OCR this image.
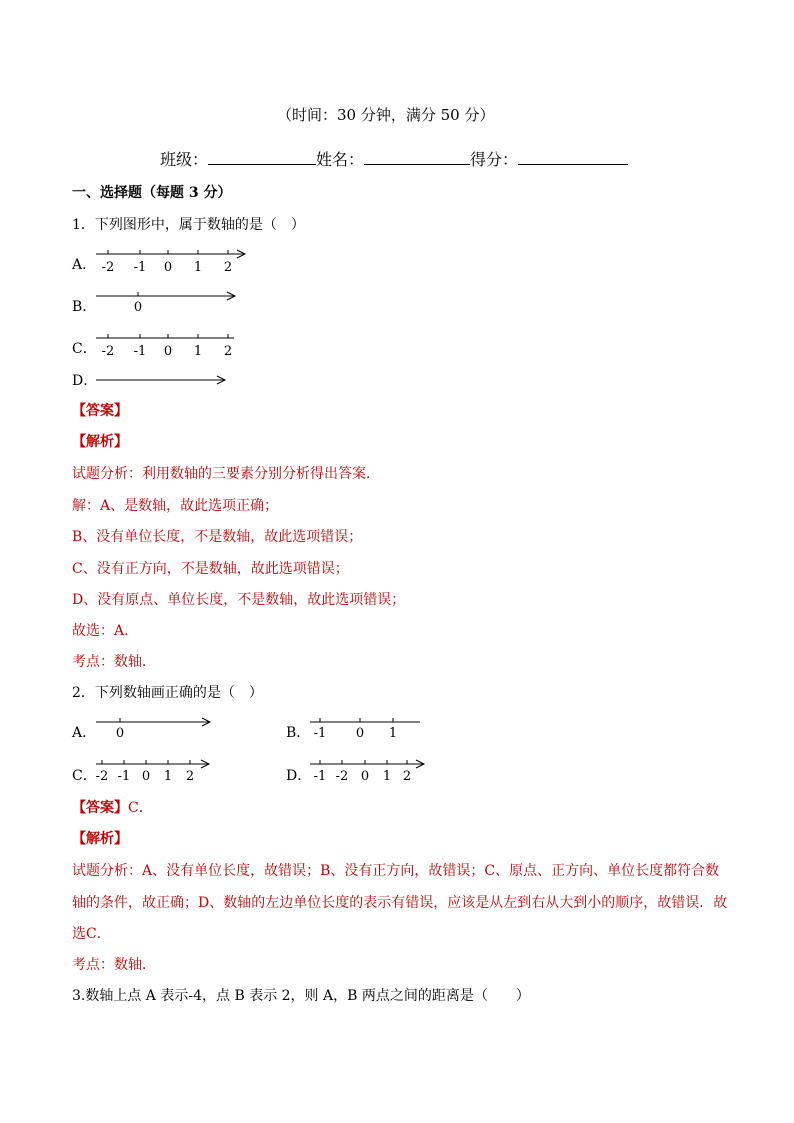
（时间：30 分钟，满分 50 分）
班级：	姓名：	得分：
一、选择题（每题 3 分）
1．下列图形中，属于数轴的是（　）
A． -2 -1 0 1 2
B．	0
C． -2 -1 0 1 2
D．
【答案】
【解析】
试题分析：利用数轴的三要素分别分析得出答案．
解：A、是数轴，故此选项正确；
B、没有单位长度，不是数轴，故此选项错误；
C、没有正方向，不是数轴，故此选项错误；
D、没有原点、单位长度，不是数轴，故此选项错误；
故选：A．
考点：数轴．
2．下列数轴画正确的是（　）
A． 0	B． -1 0 1
C．
-2 -1 0 1 2	D． -1 -2 0 1 2
【答案】C．
【解析】
试题分析：A、没有单位长度，故错误；B、没有正方向，故错误；C、原点、正方向、单位长度都符合数
轴的条件，故正确；D、数轴的左边单位长度的表示有错误，应该是从左到右从大到小的顺序，故错误．故
选C．
考点：数轴．
3.数轴上点 A 表示-4，点 B 表示 2，则 A，B 两点之间的距离是（　　）
